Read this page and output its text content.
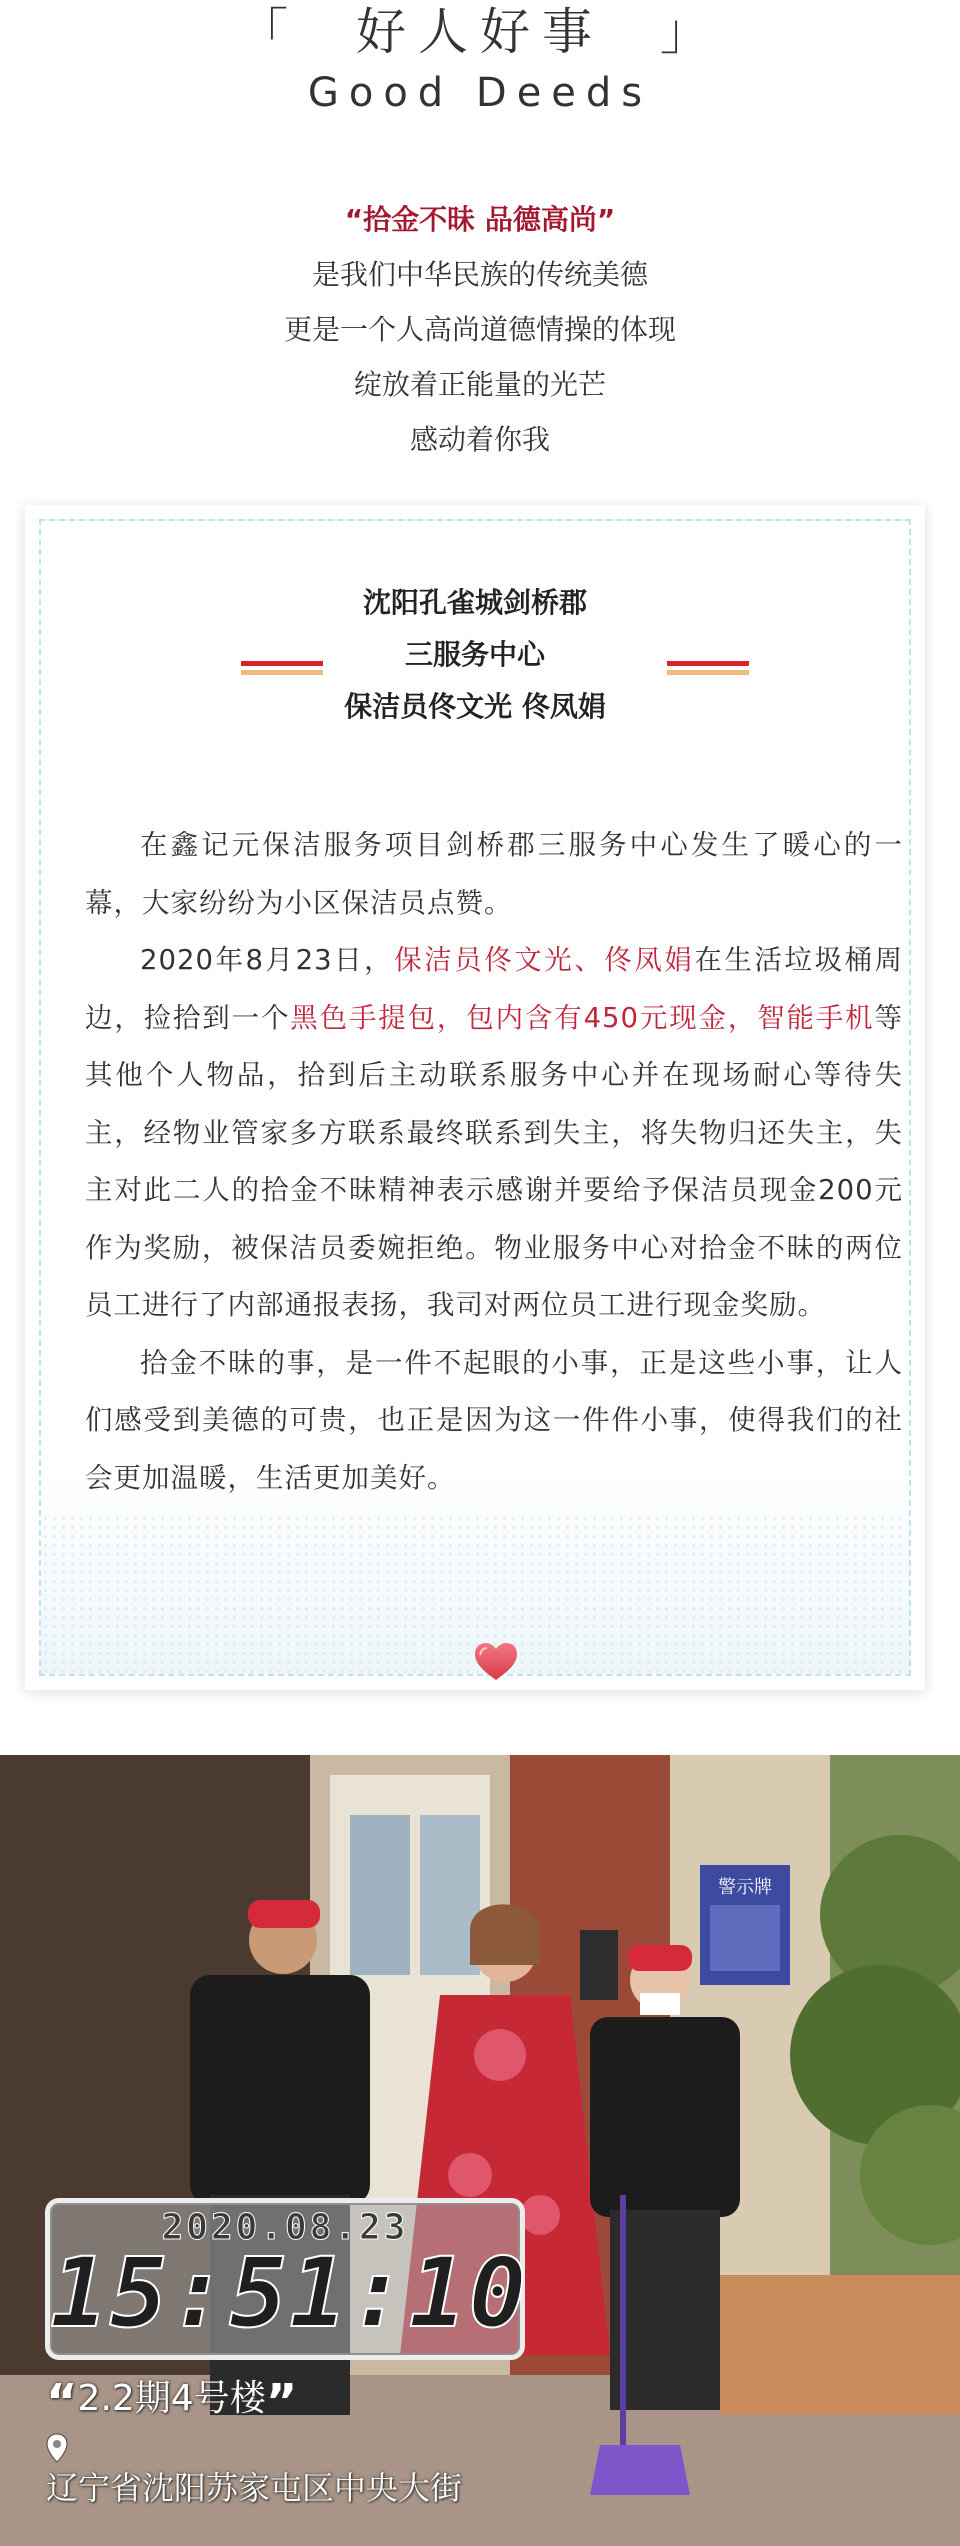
「 好人好事 」
Good Deeds
“拾金不昧 品德高尚”
是我们中华民族的传统美德
更是一个人高尚道德情操的体现
绽放着正能量的光芒
感动着你我
沈阳孔雀城剑桥郡
三服务中心
保洁员佟文光 佟凤娟

在鑫记元保洁服务项目剑桥郡三服务中心发生了暖心的一幕，大家纷纷为小区保洁员点赞。

2020年8月23日，保洁员佟文光、佟凤娟在生活垃圾桶周边，捡拾到一个黑色手提包，包内含有450元现金，智能手机等其他个人物品，拾到后主动联系服务中心并在现场耐心等待失主，经物业管家多方联系最终联系到失主，将失物归还失主，失主对此二人的拾金不昧精神表示感谢并要给予保洁员现金200元作为奖励，被保洁员委婉拒绝。物业服务中心对拾金不昧的两位员工进行了内部通报表扬，我司对两位员工进行现金奖励。

拾金不昧的事，是一件不起眼的小事，正是这些小事，让人们感受到美德的可贵，也正是因为这一件件小事，使得我们的社会更加温暖，生活更加美好。

警示牌
2020.08.23
15:51:10
“2.2期4号楼”
辽宁省沈阳苏家屯区中央大街
